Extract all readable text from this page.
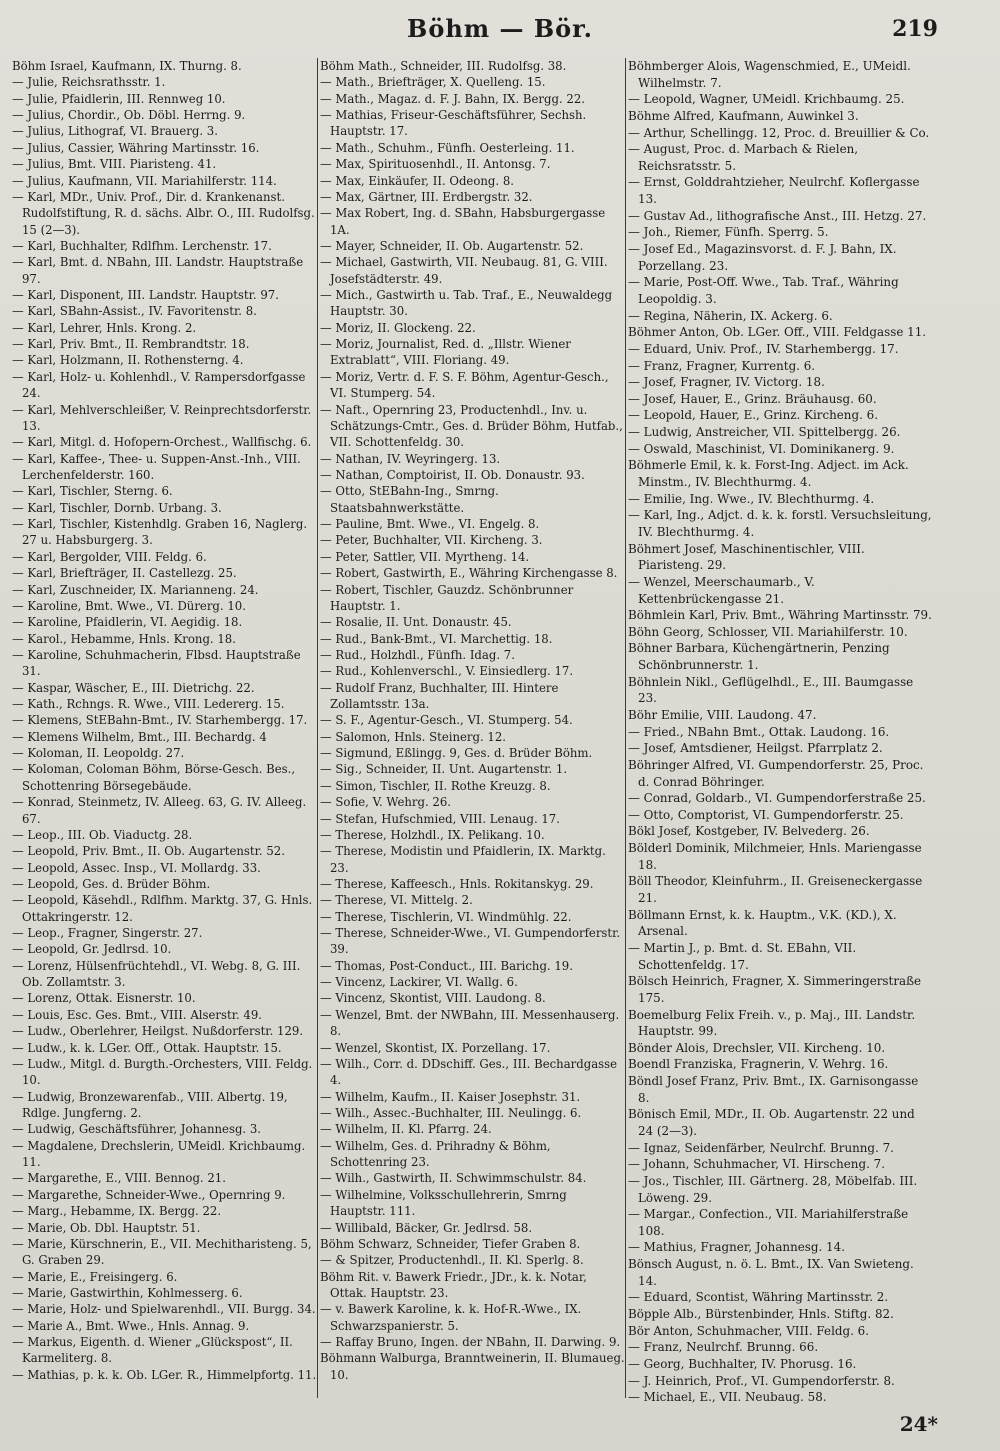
Böhm — Bör.	219

Böhm Israel, Kaufmann, IX. Thurng. 8.

— Julie, Reichsrathsstr. 1.

— Julie, Pfaidlerin, III. Rennweg 10.

— Julius, Chordir., Ob. Döbl. Herrng. 9.

— Julius, Lithograf, VI. Brauerg. 3.

— Julius, Cassier, Währing Martinsstr. 16.

— Julius, Bmt. VIII. Piaristeng. 41.

— Julius, Kaufmann, VII. Mariahilferstr. 114.

— Karl, MDr., Univ. Prof., Dir. d. Krankenanst. Rudolfstiftung, R. d. sächs. Albr. O., III. Rudolfsg. 15 (2—3).

— Karl, Buchhalter, Rdlfhm. Lerchenstr. 17.

— Karl, Bmt. d. NBahn, III. Landstr. Hauptstraße 97.

— Karl, Disponent, III. Landstr. Hauptstr. 97.

— Karl, SBahn-Assist., IV. Favoritenstr. 8.

— Karl, Lehrer, Hnls. Krong. 2.

— Karl, Priv. Bmt., II. Rembrandtstr. 18.

— Karl, Holzmann, II. Rothensterng. 4.

— Karl, Holz- u. Kohlenhdl., V. Rampersdorfgasse 24.

— Karl, Mehlverschleißer, V. Reinprechtsdorferstr. 13.

— Karl, Mitgl. d. Hofopern-Orchest., Wallfischg. 6.

— Karl, Kaffee-, Thee- u. Suppen-Anst.-Inh., VIII. Lerchenfelderstr. 160.

— Karl, Tischler, Sterng. 6.

— Karl, Tischler, Dornb. Urbang. 3.

— Karl, Tischler, Kistenhdlg. Graben 16, Naglerg. 27 u. Habsburgerg. 3.

— Karl, Bergolder, VIII. Feldg. 6.

— Karl, Briefträger, II. Castellezg. 25.

— Karl, Zuschneider, IX. Marianneng. 24.

— Karoline, Bmt. Wwe., VI. Dürerg. 10.

— Karoline, Pfaidlerin, VI. Aegidig. 18.

— Karol., Hebamme, Hnls. Krong. 18.

— Karoline, Schuhmacherin, Flbsd. Hauptstraße 31.

— Kaspar, Wäscher, E., III. Dietrichg. 22.

— Kath., Rchngs. R. Wwe., VIII. Ledererg. 15.

— Klemens, StEBahn-Bmt., IV. Starhembergg. 17.

— Klemens Wilhelm, Bmt., III. Bechardg. 4

— Koloman, II. Leopoldg. 27.

— Koloman, Coloman Böhm, Börse-Gesch. Bes., Schottenring Börsegebäude.

— Konrad, Steinmetz, IV. Alleeg. 63, G. IV. Alleeg. 67.

— Leop., III. Ob. Viaductg. 28.

— Leopold, Priv. Bmt., II. Ob. Augartenstr. 52.

— Leopold, Assec. Insp., VI. Mollardg. 33.

— Leopold, Ges. d. Brüder Böhm.

— Leopold, Käsehdl., Rdlfhm. Marktg. 37, G. Hnls. Ottakringerstr. 12.

— Leop., Fragner, Singerstr. 27.

— Leopold, Gr. Jedlrsd. 10.

— Lorenz, Hülsenfrüchtehdl., VI. Webg. 8, G. III. Ob. Zollamtstr. 3.

— Lorenz, Ottak. Eisnerstr. 10.

— Louis, Esc. Ges. Bmt., VIII. Alserstr. 49.

— Ludw., Oberlehrer, Heilgst. Nußdorferstr. 129.

— Ludw., k. k. LGer. Off., Ottak. Hauptstr. 15.

— Ludw., Mitgl. d. Burgth.-Orchesters, VIII. Feldg. 10.

— Ludwig, Bronzewarenfab., VIII. Albertg. 19, Rdlge. Jungferng. 2.

— Ludwig, Geschäftsführer, Johannesg. 3.

— Magdalene, Drechslerin, UMeidl. Krichbaumg. 11.

— Margarethe, E., VIII. Bennog. 21.

— Margarethe, Schneider-Wwe., Opernring 9.

— Marg., Hebamme, IX. Bergg. 22.

— Marie, Ob. Dbl. Hauptstr. 51.

— Marie, Kürschnerin, E., VII. Mechitharisteng. 5, G. Graben 29.

— Marie, E., Freisingerg. 6.

— Marie, Gastwirthin, Kohlmesserg. 6.

— Marie, Holz- und Spielwarenhdl., VII. Burgg. 34.

— Marie A., Bmt. Wwe., Hnls. Annag. 9.

— Markus, Eigenth. d. Wiener „Glückspost“, II. Karmeliterg. 8.

— Mathias, p. k. k. Ob. LGer. R., Himmelpfortg. 11.

Böhm Math., Schneider, III. Rudolfsg. 38.

— Math., Briefträger, X. Quelleng. 15.

— Math., Magaz. d. F. J. Bahn, IX. Bergg. 22.

— Mathias, Friseur-Geschäftsführer, Sechsh. Hauptstr. 17.

— Math., Schuhm., Fünfh. Oesterleing. 11.

— Max, Spirituosenhdl., II. Antonsg. 7.

— Max, Einkäufer, II. Odeong. 8.

— Max, Gärtner, III. Erdbergstr. 32.

— Max Robert, Ing. d. SBahn, Habsburgergasse 1A.

— Mayer, Schneider, II. Ob. Augartenstr. 52.

— Michael, Gastwirth, VII. Neubaug. 81, G. VIII. Josefstädterstr. 49.

— Mich., Gastwirth u. Tab. Traf., E., Neuwaldegg Hauptstr. 30.

— Moriz, II. Glockeng. 22.

— Moriz, Journalist, Red. d. „Illstr. Wiener Extrablatt“, VIII. Floriang. 49.

— Moriz, Vertr. d. F. S. F. Böhm, Agentur-Gesch., VI. Stumperg. 54.

— Naft., Opernring 23, Productenhdl., Inv. u. Schätzungs-Cmtr., Ges. d. Brüder Böhm, Hutfab., VII. Schottenfeldg. 30.

— Nathan, IV. Weyringerg. 13.

— Nathan, Comptoirist, II. Ob. Donaustr. 93.

— Otto, StEBahn-Ing., Smrng. Staatsbahnwerkstätte.

— Pauline, Bmt. Wwe., VI. Engelg. 8.

— Peter, Buchhalter, VII. Kircheng. 3.

— Peter, Sattler, VII. Myrtheng. 14.

— Robert, Gastwirth, E., Währing Kirchengasse 8.

— Robert, Tischler, Gauzdz. Schönbrunner Hauptstr. 1.

— Rosalie, II. Unt. Donaustr. 45.

— Rud., Bank-Bmt., VI. Marchettig. 18.

— Rud., Holzhdl., Fünfh. Idag. 7.

— Rud., Kohlenverschl., V. Einsiedlerg. 17.

— Rudolf Franz, Buchhalter, III. Hintere Zollamtsstr. 13a.

— S. F., Agentur-Gesch., VI. Stumperg. 54.

— Salomon, Hnls. Steinerg. 12.

— Sigmund, Eßlingg. 9, Ges. d. Brüder Böhm.

— Sig., Schneider, II. Unt. Augartenstr. 1.

— Simon, Tischler, II. Rothe Kreuzg. 8.

— Sofie, V. Wehrg. 26.

— Stefan, Hufschmied, VIII. Lenaug. 17.

— Therese, Holzhdl., IX. Pelikang. 10.

— Therese, Modistin und Pfaidlerin, IX. Marktg. 23.

— Therese, Kaffeesch., Hnls. Rokitanskyg. 29.

— Therese, VI. Mittelg. 2.

— Therese, Tischlerin, VI. Windmühlg. 22.

— Therese, Schneider-Wwe., VI. Gumpendorferstr. 39.

— Thomas, Post-Conduct., III. Barichg. 19.

— Vincenz, Lackirer, VI. Wallg. 6.

— Vincenz, Skontist, VIII. Laudong. 8.

— Wenzel, Bmt. der NWBahn, III. Messenhauserg. 8.

— Wenzel, Skontist, IX. Porzellang. 17.

— Wilh., Corr. d. DDschiff. Ges., III. Bechardgasse 4.

— Wilhelm, Kaufm., II. Kaiser Josephstr. 31.

— Wilh., Assec.-Buchhalter, III. Neulingg. 6.

— Wilhelm, II. Kl. Pfarrg. 24.

— Wilhelm, Ges. d. Prihradny & Böhm, Schottenring 23.

— Wilh., Gastwirth, II. Schwimmschulstr. 84.

— Wilhelmine, Volksschullehrerin, Smrng Hauptstr. 111.

— Willibald, Bäcker, Gr. Jedlrsd. 58.

Böhm Schwarz, Schneider, Tiefer Graben 8.

— & Spitzer, Productenhdl., II. Kl. Sperlg. 8.

Böhm Rit. v. Bawerk Friedr., JDr., k. k. Notar, Ottak. Hauptstr. 23.

— v. Bawerk Karoline, k. k. Hof-R.-Wwe., IX. Schwarzspanierstr. 5.

— Raffay Bruno, Ingen. der NBahn, II. Darwing. 9.

Böhmann Walburga, Branntweinerin, II. Blumaueg. 10.

Böhmberger Alois, Wagenschmied, E., UMeidl. Wilhelmstr. 7.

— Leopold, Wagner, UMeidl. Krichbaumg. 25.

Böhme Alfred, Kaufmann, Auwinkel 3.

— Arthur, Schellingg. 12, Proc. d. Breuillier & Co.

— August, Proc. d. Marbach & Rielen, Reichsratsstr. 5.

— Ernst, Golddrahtzieher, Neulrchf. Koflergasse 13.

— Gustav Ad., lithografische Anst., III. Hetzg. 27.

— Joh., Riemer, Fünfh. Sperrg. 5.

— Josef Ed., Magazinsvorst. d. F. J. Bahn, IX. Porzellang. 23.

— Marie, Post-Off. Wwe., Tab. Traf., Währing Leopoldig. 3.

— Regina, Näherin, IX. Ackerg. 6.

Böhmer Anton, Ob. LGer. Off., VIII. Feldgasse 11.

— Eduard, Univ. Prof., IV. Starhembergg. 17.

— Franz, Fragner, Kurrentg. 6.

— Josef, Fragner, IV. Victorg. 18.

— Josef, Hauer, E., Grinz. Bräuhausg. 60.

— Leopold, Hauer, E., Grinz. Kircheng. 6.

— Ludwig, Anstreicher, VII. Spittelbergg. 26.

— Oswald, Maschinist, VI. Dominikanerg. 9.

Böhmerle Emil, k. k. Forst-Ing. Adject. im Ack. Minstm., IV. Blechthurmg. 4.

— Emilie, Ing. Wwe., IV. Blechthurmg. 4.

— Karl, Ing., Adjct. d. k. k. forstl. Versuchsleitung, IV. Blechthurmg. 4.

Böhmert Josef, Maschinentischler, VIII. Piaristeng. 29.

— Wenzel, Meerschaumarb., V. Kettenbrückengasse 21.

Böhmlein Karl, Priv. Bmt., Währing Martinsstr. 79.

Böhn Georg, Schlosser, VII. Mariahilferstr. 10.

Böhner Barbara, Küchengärtnerin, Penzing Schönbrunnerstr. 1.

Böhnlein Nikl., Geflügelhdl., E., III. Baumgasse 23.

Böhr Emilie, VIII. Laudong. 47.

— Fried., NBahn Bmt., Ottak. Laudong. 16.

— Josef, Amtsdiener, Heilgst. Pfarrplatz 2.

Böhringer Alfred, VI. Gumpendorferstr. 25, Proc. d. Conrad Böhringer.

— Conrad, Goldarb., VI. Gumpendorferstraße 25.

— Otto, Comptorist, VI. Gumpendorferstr. 25.

Bökl Josef, Kostgeber, IV. Belvederg. 26.

Bölderl Dominik, Milchmeier, Hnls. Mariengasse 18.

Böll Theodor, Kleinfuhrm., II. Greiseneckergasse 21.

Böllmann Ernst, k. k. Hauptm., V.K. (KD.), X. Arsenal.

— Martin J., p. Bmt. d. St. EBahn, VII. Schottenfeldg. 17.

Bölsch Heinrich, Fragner, X. Simmeringerstraße 175.

Boemelburg Felix Freih. v., p. Maj., III. Landstr. Hauptstr. 99.

Bönder Alois, Drechsler, VII. Kircheng. 10.

Boendl Franziska, Fragnerin, V. Wehrg. 16.

Böndl Josef Franz, Priv. Bmt., IX. Garnisongasse 8.

Bönisch Emil, MDr., II. Ob. Augartenstr. 22 und 24 (2—3).

— Ignaz, Seidenfärber, Neulrchf. Brunng. 7.

— Johann, Schuhmacher, VI. Hirscheng. 7.

— Jos., Tischler, III. Gärtnerg. 28, Möbelfab. III. Löweng. 29.

— Margar., Confection., VII. Mariahilferstraße 108.

— Mathius, Fragner, Johannesg. 14.

Bönsch August, n. ö. L. Bmt., IX. Van Swieteng. 14.

— Eduard, Scontist, Währing Martinsstr. 2.

Böpple Alb., Bürstenbinder, Hnls. Stiftg. 82.

Bör Anton, Schuhmacher, VIII. Feldg. 6.

— Franz, Neulrchf. Brunng. 66.

— Georg, Buchhalter, IV. Phorusg. 16.

— J. Heinrich, Prof., VI. Gumpendorferstr. 8.

— Michael, E., VII. Neubaug. 58.

24*
